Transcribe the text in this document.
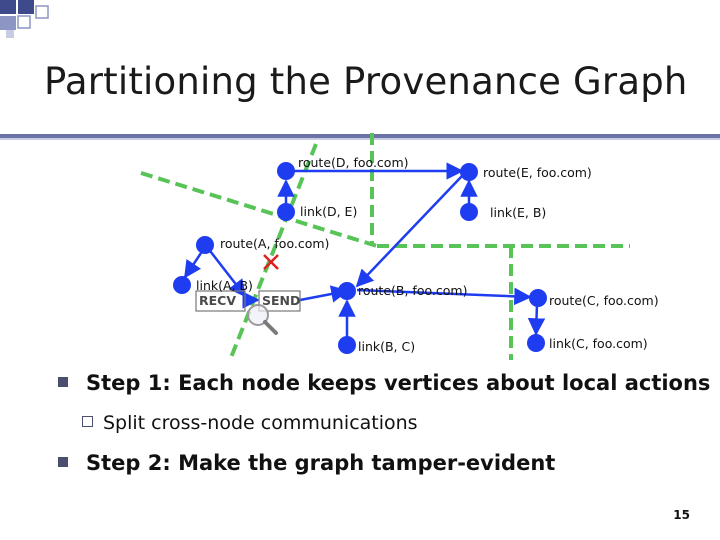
Partitioning the Provenance Graph
RECV SEND
route(D, foo.com)
route(E, foo.com)
link(D, E)	link(E, B)
route(A, foo.com)
link(A, B)	route(B, foo.com)
route(C, foo.com)
link(B, C)	link(C, foo.com)
Step 1: Each node keeps vertices about local actions
Split cross-node communications
Step 2: Make the graph tamper-evident
15
